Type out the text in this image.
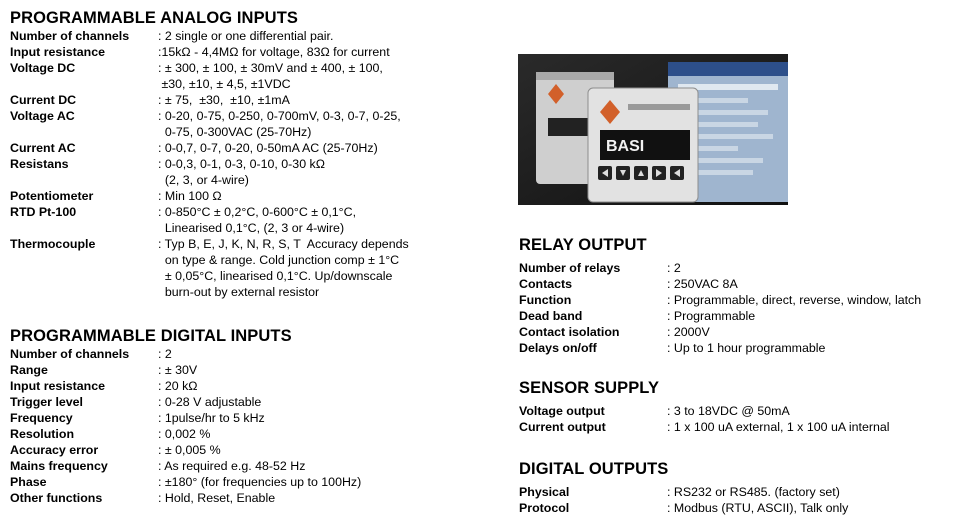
PROGRAMMABLE ANALOG INPUTS
Number of channels	: 2 single or one differential pair.
Input resistance	:15kΩ - 4,4MΩ for voltage, 83Ω for current
Voltage DC	: ± 300, ± 100, ± 30mV and ± 400, ± 100,
±30, ±10, ± 4,5, ±1VDC
Current DC	: ± 75,  ±30,  ±10, ±1mA
Voltage AC	: 0-20, 0-75, 0-250, 0-700mV, 0-3, 0-7, 0-25,
0-75, 0-300VAC (25-70Hz)
Current AC	: 0-0,7, 0-7, 0-20, 0-50mA AC (25-70Hz)
Resistans	: 0-0,3, 0-1, 0-3, 0-10, 0-30 kΩ
(2, 3, or 4-wire)
Potentiometer	: Min 100 Ω
RTD Pt-100	: 0-850°C ± 0,2°C, 0-600°C ± 0,1°C,
Linearised 0,1°C, (2, 3 or 4-wire)
Thermocouple	: Typ B, E, J, K, N, R, S, T  Accuracy depends
on type & range. Cold junction comp ± 1°C
± 0,05°C, linearised 0,1°C. Up/downscale
burn-out by external resistor
PROGRAMMABLE DIGITAL INPUTS
Number of channels	: 2
Range	: ± 30V
Input resistance	: 20 kΩ
Trigger level	: 0-28 V adjustable
Frequency	: 1pulse/hr to 5 kHz
Resolution	: 0,002 %
Accuracy error	: ± 0,005 %
Mains frequency	: As required e.g. 48-52 Hz
Phase	: ±180° (for frequencies up to 100Hz)
Other functions	: Hold, Reset, Enable
BASI
RELAY OUTPUT
Number of relays	: 2
Contacts	: 250VAC 8A
Function	: Programmable, direct, reverse, window, latch
Dead band	: Programmable
Contact isolation	: 2000V
Delays on/off	: Up to 1 hour programmable
SENSOR SUPPLY
Voltage output	: 3 to 18VDC @ 50mA
Current output	: 1 x 100 uA external, 1 x 100 uA internal
DIGITAL OUTPUTS
Physical	: RS232 or RS485. (factory set)
Protocol	: Modbus (RTU, ASCII), Talk only
